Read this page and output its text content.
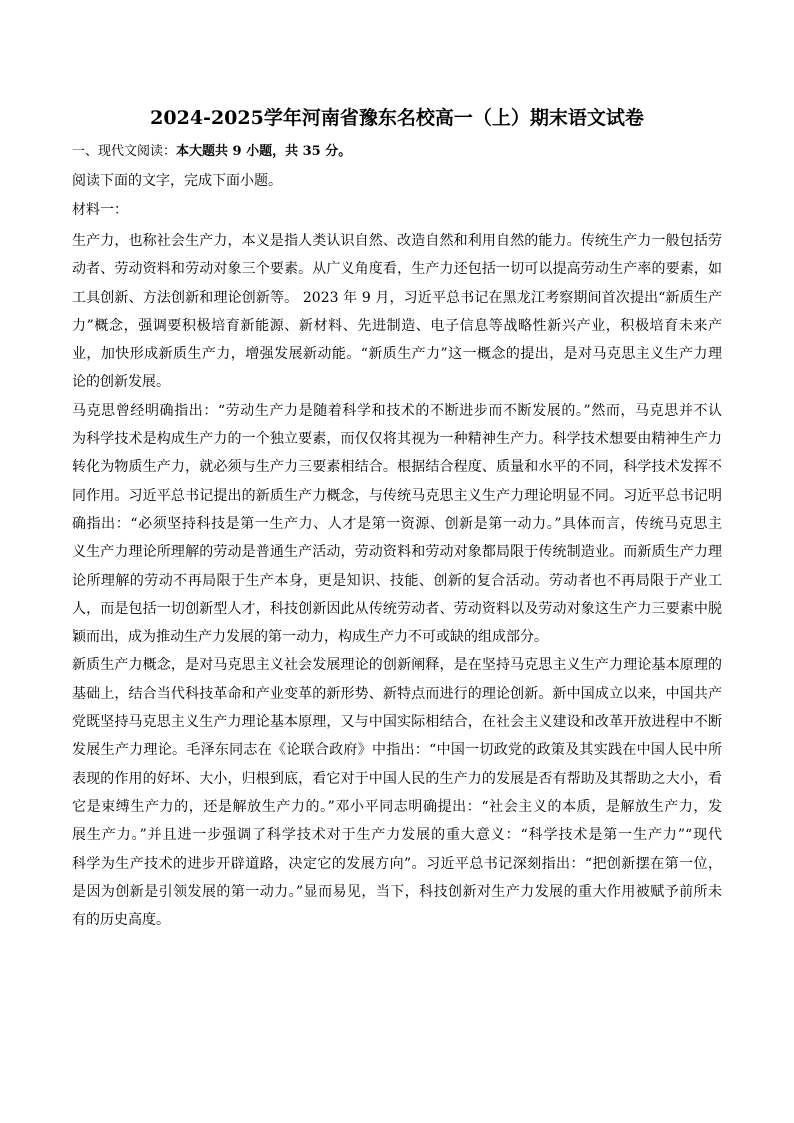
2024-2025学年河南省豫东名校高一（上）期末语文试卷

一、现代文阅读：本大题共 9 小题，共 35 分。

阅读下面的文字，完成下面小题。

材料一：

生产力，也称社会生产力，本义是指人类认识自然、改造自然和利用自然的能力。传统生产力一般包括劳
动者、劳动资料和劳动对象三个要素。从广义角度看，生产力还包括一切可以提高劳动生产率的要素，如
工具创新、方法创新和理论创新等。 2023 年 9 月，习近平总书记在黑龙江考察期间首次提出“新质生产
力”概念，强调要积极培育新能源、新材料、先进制造、电子信息等战略性新兴产业，积极培育未来产
业，加快形成新质生产力，增强发展新动能。“新质生产力”这一概念的提出，是对马克思主义生产力理
论的创新发展。
马克思曾经明确指出：“劳动生产力是随着科学和技术的不断进步而不断发展的。”然而，马克思并不认
为科学技术是构成生产力的一个独立要素，而仅仅将其视为一种精神生产力。科学技术想要由精神生产力
转化为物质生产力，就必须与生产力三要素相结合。根据结合程度、质量和水平的不同，科学技术发挥不
同作用。习近平总书记提出的新质生产力概念，与传统马克思主义生产力理论明显不同。习近平总书记明
确指出：“必须坚持科技是第一生产力、人才是第一资源、创新是第一动力。”具体而言，传统马克思主
义生产力理论所理解的劳动是普通生产活动，劳动资料和劳动对象都局限于传统制造业。而新质生产力理
论所理解的劳动不再局限于生产本身，更是知识、技能、创新的复合活动。劳动者也不再局限于产业工
人，而是包括一切创新型人才，科技创新因此从传统劳动者、劳动资料以及劳动对象这生产力三要素中脱
颖而出，成为推动生产力发展的第一动力，构成生产力不可或缺的组成部分。
新质生产力概念，是对马克思主义社会发展理论的创新阐释，是在坚持马克思主义生产力理论基本原理的
基础上，结合当代科技革命和产业变革的新形势、新特点而进行的理论创新。新中国成立以来，中国共产
党既坚持马克思主义生产力理论基本原理，又与中国实际相结合，在社会主义建设和改革开放进程中不断
发展生产力理论。毛泽东同志在《论联合政府》中指出：“中国一切政党的政策及其实践在中国人民中所
表现的作用的好坏、大小，归根到底，看它对于中国人民的生产力的发展是否有帮助及其帮助之大小，看
它是束缚生产力的，还是解放生产力的。”邓小平同志明确提出：“社会主义的本质，是解放生产力，发
展生产力。”并且进一步强调了科学技术对于生产力发展的重大意义：“科学技术是第一生产力”“现代
科学为生产技术的进步开辟道路，决定它的发展方向”。习近平总书记深刻指出：“把创新摆在第一位，
是因为创新是引领发展的第一动力。”显而易见，当下，科技创新对生产力发展的重大作用被赋予前所未
有的历史高度。
